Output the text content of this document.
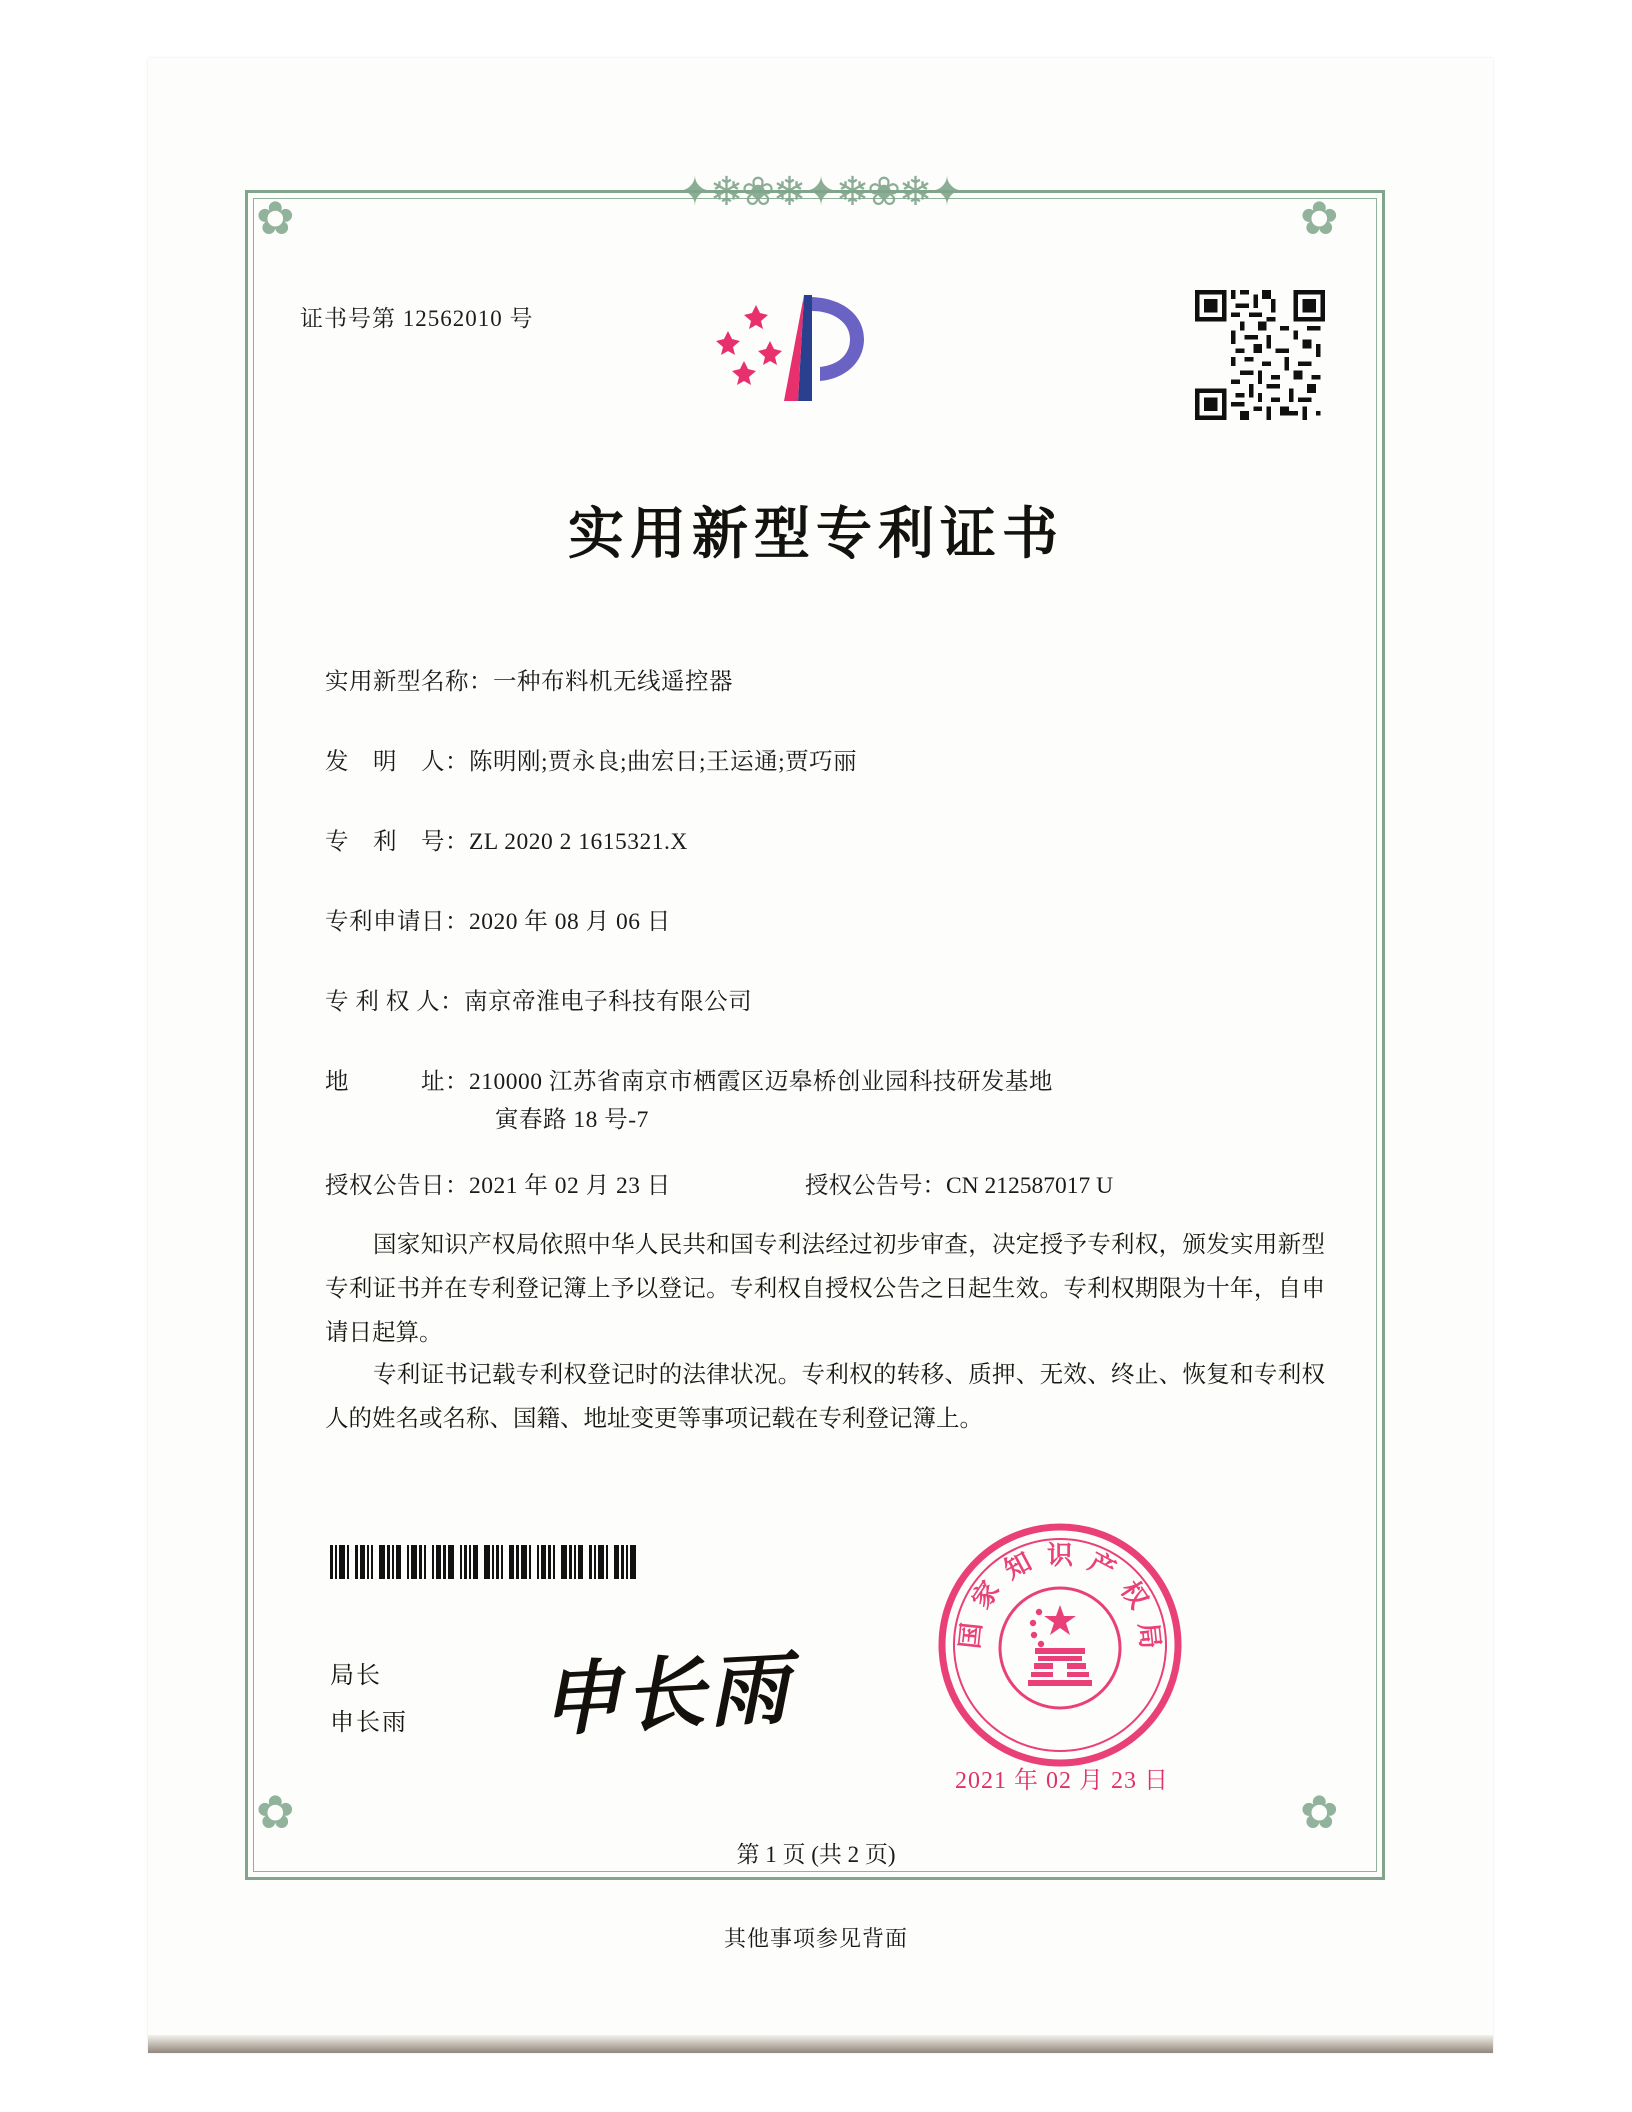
✦❄❀❄✦❄❀❄✦
✿	✿
✿	✿
证书号第 12562010 号
实用新型专利证书
实用新型名称：一种布料机无线遥控器
发　明　人：陈明刚;贾永良;曲宏日;王运通;贾巧丽
专　利　号：ZL 2020 2 1615321.X
专利申请日：2020 年 08 月 06 日
专 利 权 人：南京帝淮电子科技有限公司
地　　　址：210000 江苏省南京市栖霞区迈皋桥创业园科技研发基地
寅春路 18 号-7
授权公告日：2021 年 02 月 23 日	授权公告号：CN 212587017 U
国家知识产权局依照中华人民共和国专利法经过初步审查，决定授予专利权，颁发实用新型专利证书并在专利登记簿上予以登记。专利权自授权公告之日起生效。专利权期限为十年，自申请日起算。
专利证书记载专利权登记时的法律状况。专利权的转移、质押、无效、终止、恢复和专利权人的姓名或名称、国籍、地址变更等事项记载在专利登记簿上。

局长
申长雨 申长雨
识 产
权
局
知
家
国
2021 年 02 月 23 日
第 1 页 (共 2 页)
其他事项参见背面
